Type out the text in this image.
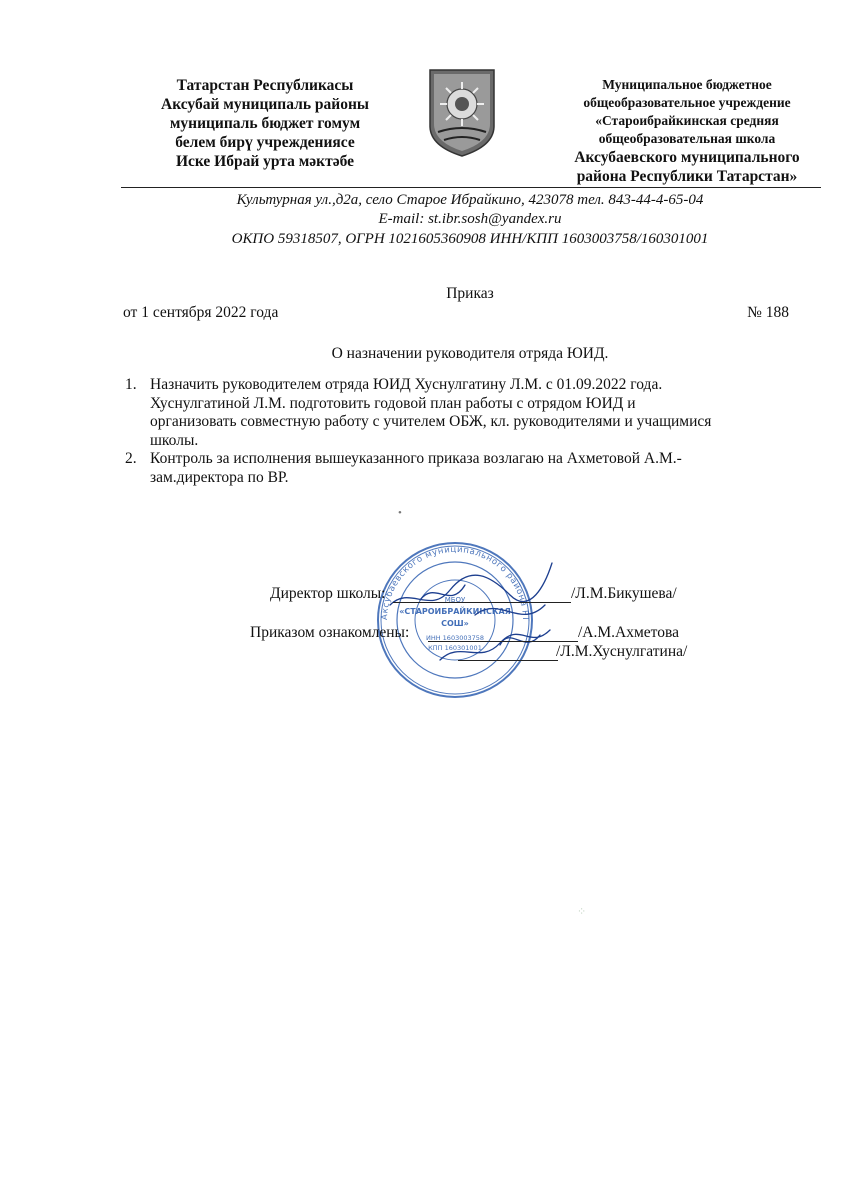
Татарстан Республикасы
Аксубай муниципаль районы
муниципаль бюджет гомум
белем бирү учреждениясе
Иске Ибрай урта мәктәбе
Муниципальное бюджетное
общеобразовательное учреждение
«Староибрайкинская средняя
общеобразовательная школа
Аксубаевского муниципального
района Республики Татарстан»
Культурная ул.,д2а, село Старое Ибрайкино, 423078 тел. 843-44-4-65-04
E-mail: st.ibr.sosh@yandex.ru
ОКПО 59318507, ОГРН 1021605360908 ИНН/КПП 1603003758/160301001
Приказ
от 1 сентября 2022 года	№ 188
О назначении руководителя отряда ЮИД.
1. Назначить руководителем отряда ЮИД Хуснулгатину Л.М. с 01.09.2022 года.
Хуснулгатиной Л.М. подготовить годовой план работы с отрядом ЮИД и
организовать совместную работу с учителем ОБЖ, кл. руководителями и учащимися
школы.
2. Контроль за исполнения вышеуказанного приказа возлагаю на Ахметовой А.М.-
зам.директора по ВР.
•
Аксубаевского муниципального района РТ
МБОУ
«СТАРОИБРАЙКИНСКАЯ
СОШ»
ИНН 1603003758
КПП 160301001
Директор школы:	/Л.М.Бикушева/
Приказом ознакомлены:	/А.М.Ахметова
/Л.М.Хуснулгатина/
⁘
